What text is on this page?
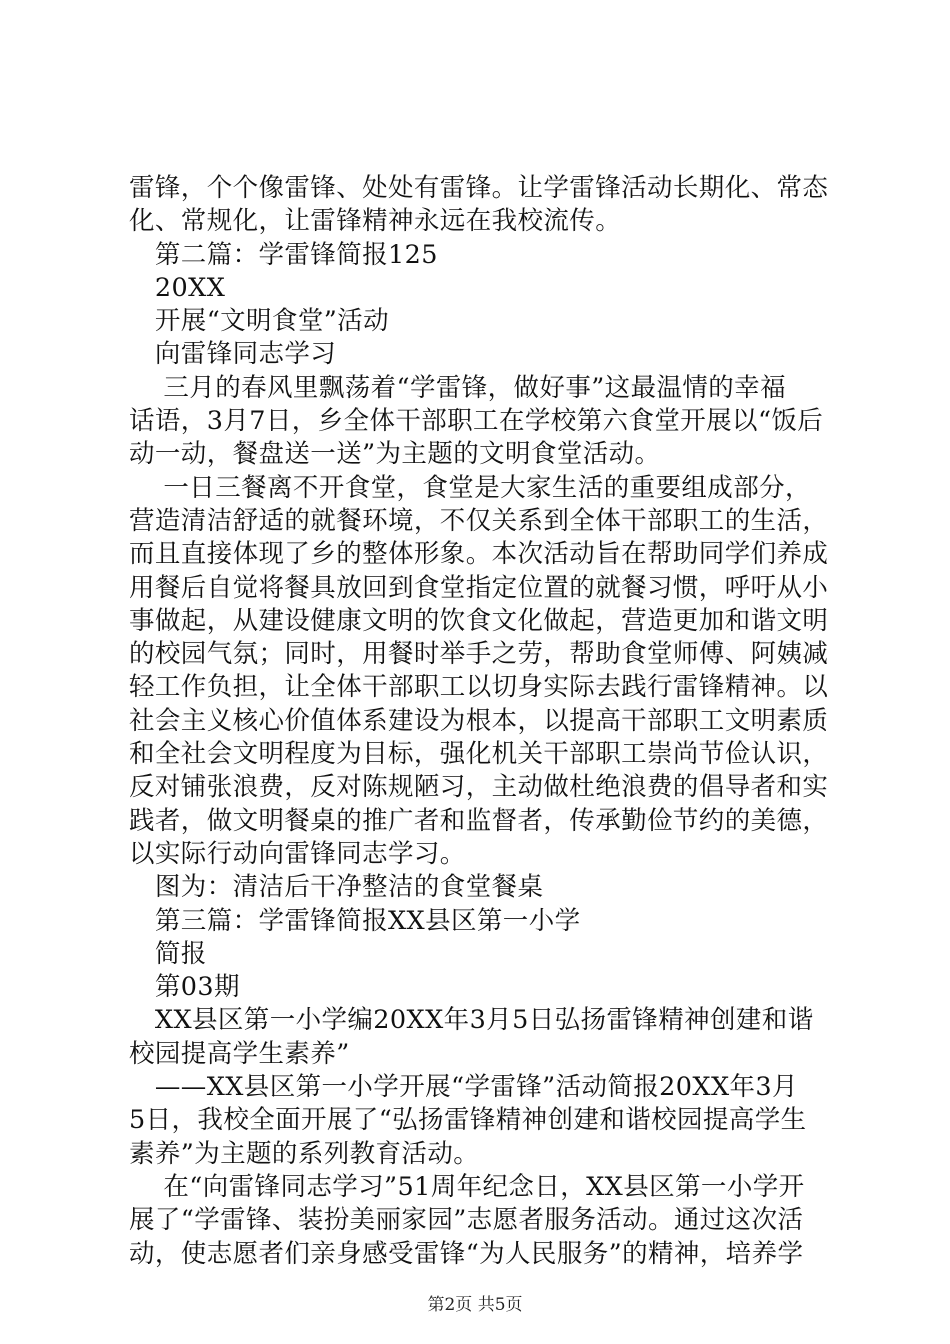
雷锋，个个像雷锋、处处有雷锋。让学雷锋活动长期化、常态
化、常规化，让雷锋精神永远在我校流传。
　第二篇：学雷锋简报125
　20XX
　开展“文明食堂”活动
　向雷锋同志学习
　 三月的春风里飘荡着“学雷锋，做好事”这最温情的幸福
话语，3月7日，乡全体干部职工在学校第六食堂开展以“饭后
动一动，餐盘送一送”为主题的文明食堂活动。
　 一日三餐离不开食堂，食堂是大家生活的重要组成部分，
营造清洁舒适的就餐环境，不仅关系到全体干部职工的生活，
而且直接体现了乡的整体形象。本次活动旨在帮助同学们养成
用餐后自觉将餐具放回到食堂指定位置的就餐习惯，呼吁从小
事做起，从建设健康文明的饮食文化做起，营造更加和谐文明
的校园气氛；同时，用餐时举手之劳，帮助食堂师傅、阿姨减
轻工作负担，让全体干部职工以切身实际去践行雷锋精神。以
社会主义核心价值体系建设为根本，以提高干部职工文明素质
和全社会文明程度为目标，强化机关干部职工崇尚节俭认识，
反对铺张浪费，反对陈规陋习，主动做杜绝浪费的倡导者和实
践者，做文明餐桌的推广者和监督者，传承勤俭节约的美德，
以实际行动向雷锋同志学习。
　图为：清洁后干净整洁的食堂餐桌
　第三篇：学雷锋简报XX县区第一小学
　简报
　第03期
　XX县区第一小学编20XX年3月5日弘扬雷锋精神创建和谐
校园提高学生素养”
　——XX县区第一小学开展“学雷锋”活动简报20XX年3月
5日，我校全面开展了“弘扬雷锋精神创建和谐校园提高学生
素养”为主题的系列教育活动。
　 在“向雷锋同志学习”51周年纪念日，XX县区第一小学开
展了“学雷锋、装扮美丽家园”志愿者服务活动。通过这次活
动，使志愿者们亲身感受雷锋“为人民服务”的精神，培养学
第2页 共5页
